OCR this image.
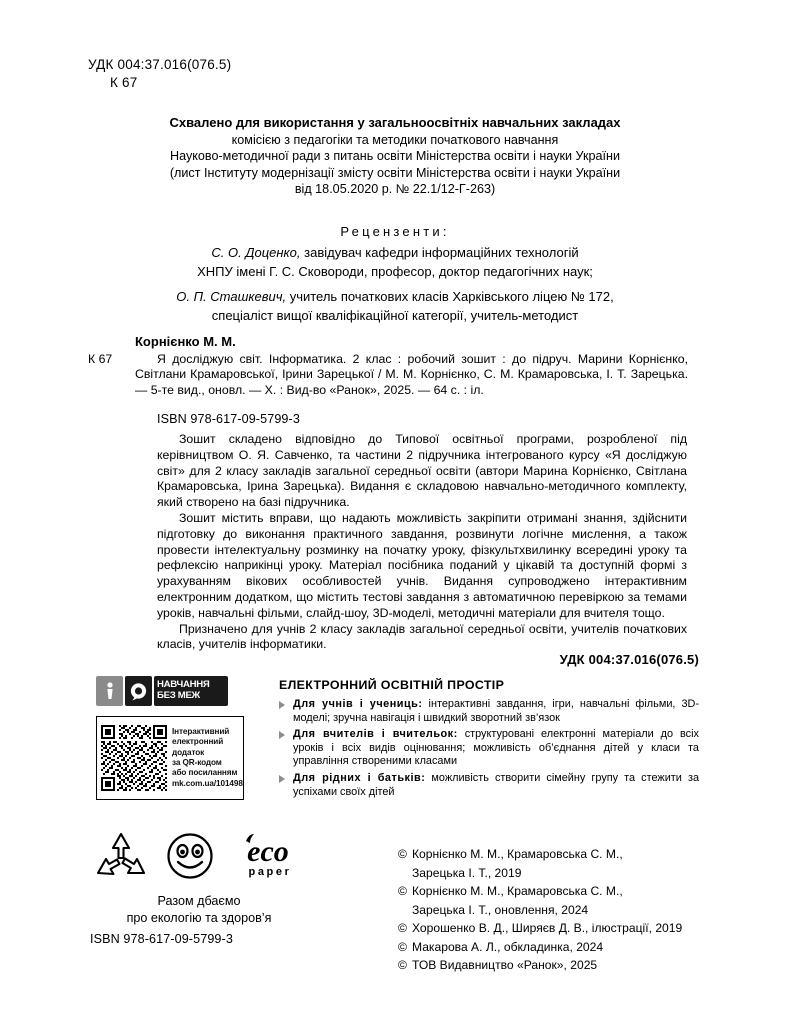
УДК 004:37.016(076.5)
К 67
Схвалено для використання у загальноосвітніх навчальних закладах
комісією з педагогіки та методики початкового навчання
Науково-методичної ради з питань освіти Міністерства освіти і науки України
(лист Інституту модернізації змісту освіти Міністерства освіти і науки України
від 18.05.2020 р. № 22.1/12-Г-263)
Рецензенти:
С. О. Доценко, завідувач кафедри інформаційних технологій
ХНПУ імені Г. С. Сковороди, професор, доктор педагогічних наук;
О. П. Сташкевич, учитель початкових класів Харківського ліцею № 172,
спеціаліст вищої кваліфікаційної категорії, учитель-методист
Корнієнко М. М.
К 67	Я досліджую світ. Інформатика. 2 клас : робочий зошит : до підруч. Марини Корнієнко, Світлани Крамаровської, Ірини Зарецької / М. М. Корнієнко, С. М. Крамаровська, І. Т. Зарецька. — 5-те вид., оновл. — Х. : Вид-во «Ранок», 2025. — 64 с. : іл.
ISBN 978-617-09-5799-3

Зошит складено відповідно до Типової освітньої програми, розробленої під керівництвом О. Я. Савченко, та частини 2 підручника інтегрованого курсу «Я досліджую світ» для 2 класу закладів загальної середньої освіти (автори Марина Корнієнко, Світлана Крамаровська, Ірина Зарецька). Видання є складовою навчально-методичного комплекту, який створено на базі підручника.

Зошит містить вправи, що надають можливість закріпити отримані знання, здійснити підготовку до виконання практичного завдання, розвинути логічне мислення, а також провести інтелектуальну розминку на початку уроку, фізкультхвилинку всередині уроку та рефлексію наприкінці уроку. Матеріал посібника поданий у цікавій та доступній формі з урахуванням вікових особливостей учнів. Видання супроводжено інтерактивним електронним додатком, що містить тестові завдання з автоматичною перевіркою за темами уроків, навчальні фільми, слайд-шоу, 3D-моделі, методичні матеріали для вчителя тощо.

Призначено для учнів 2 класу закладів загальної середньої освіти, учителів початкових класів, учителів інформатики.

УДК 004:37.016(076.5)
НАВЧАННЯ
БЕЗ МЕЖ
Інтерактивний
електронний
додаток
за QR-кодом
або посиланням
mk.com.ua/101498
ЕЛЕКТРОННИЙ ОСВІТНІЙ ПРОСТІР
Для учнів і учениць: інтерактивні завдання, ігри, навчальні фільми, 3D-моделі; зручна навігація і швидкий зворотний зв’язок
Для вчителів і вчительок: структуровані електронні матеріали до всіх уроків і всіх видів оцінювання; можливість об’єднання дітей у класи та управління створеними класами
Для рідних і батьків: можливість створити сімейну групу та стежити за успіхами своїх дітей
eco
paper
Разом дбаємо
про екологію та здоров’я
© Корнієнко М. М., Крамаровська С. М.,
Зарецька І. Т., 2019
© Корнієнко М. М., Крамаровська С. М.,
Зарецька І. Т., оновлення, 2024
© Хорошенко В. Д., Ширяєв Д. В., ілюстрації, 2019
© Макарова А. Л., обкладинка, 2024
© ТОВ Видавництво «Ранок», 2025
ISBN 978-617-09-5799-3
